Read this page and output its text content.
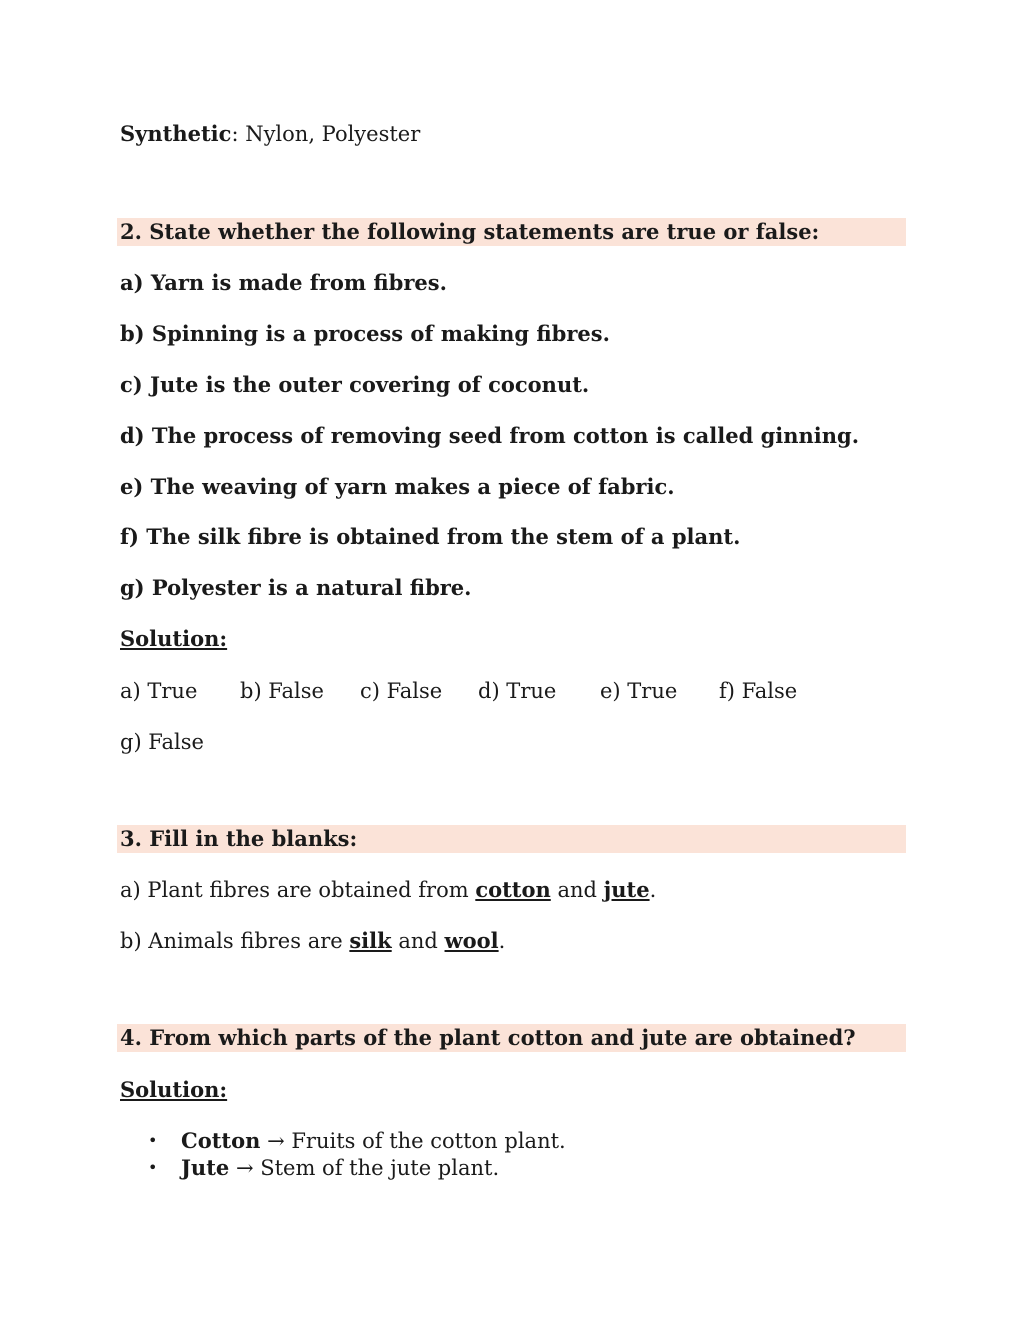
Synthetic: Nylon, Polyester
2. State whether the following statements are true or false:
a) Yarn is made from fibres.
b) Spinning is a process of making fibres.
c) Jute is the outer covering of coconut.
d) The process of removing seed from cotton is called ginning.
e) The weaving of yarn makes a piece of fabric.
f) The silk fibre is obtained from the stem of a plant.
g) Polyester is a natural fibre.
Solution:
a) True b) False c) False d) True e) True f) False
g) False
3. Fill in the blanks:
a) Plant fibres are obtained from cotton and jute.
b) Animals fibres are silk and wool.
4. From which parts of the plant cotton and jute are obtained?
Solution:
• Cotton → Fruits of the cotton plant.
• Jute → Stem of the jute plant.
